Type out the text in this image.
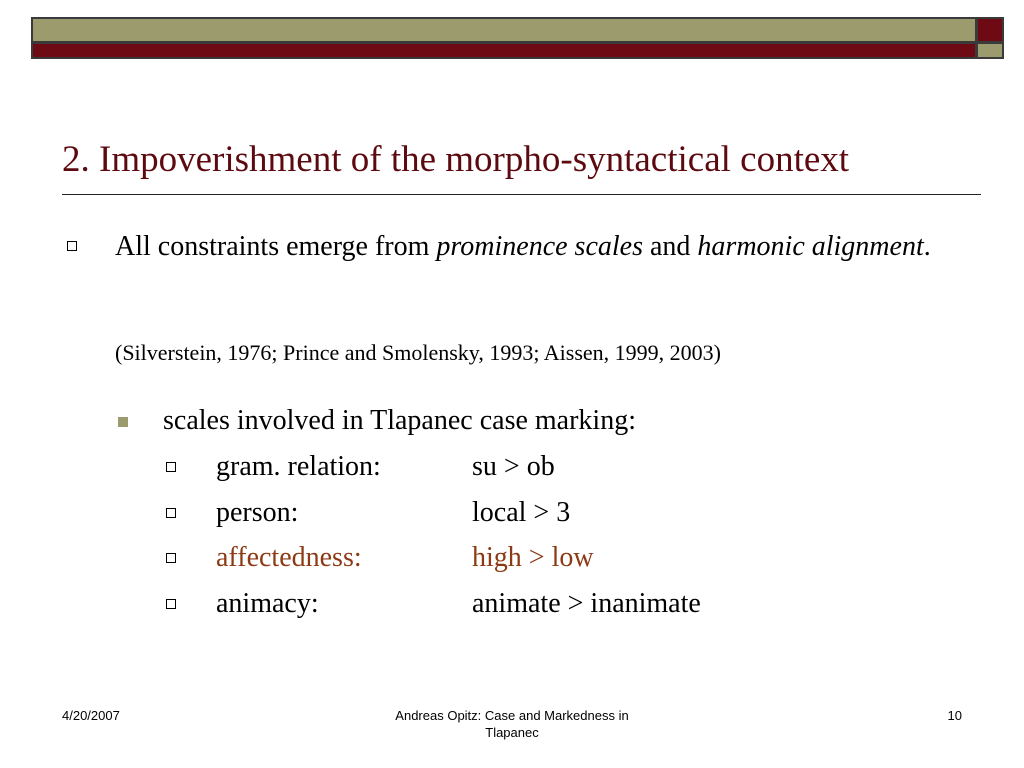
2. Impoverishment of the morpho-syntactical context
All constraints emerge from prominence scales and harmonic alignment.
(Silverstein, 1976; Prince and Smolensky, 1993; Aissen, 1999, 2003)
scales involved in Tlapanec case marking:
gram. relation:	su > ob
person:	local > 3
affectedness:	high > low
animacy:	animate > inanimate
4/20/2007	Andreas Opitz: Case and Markedness in
Tlapanec
10
